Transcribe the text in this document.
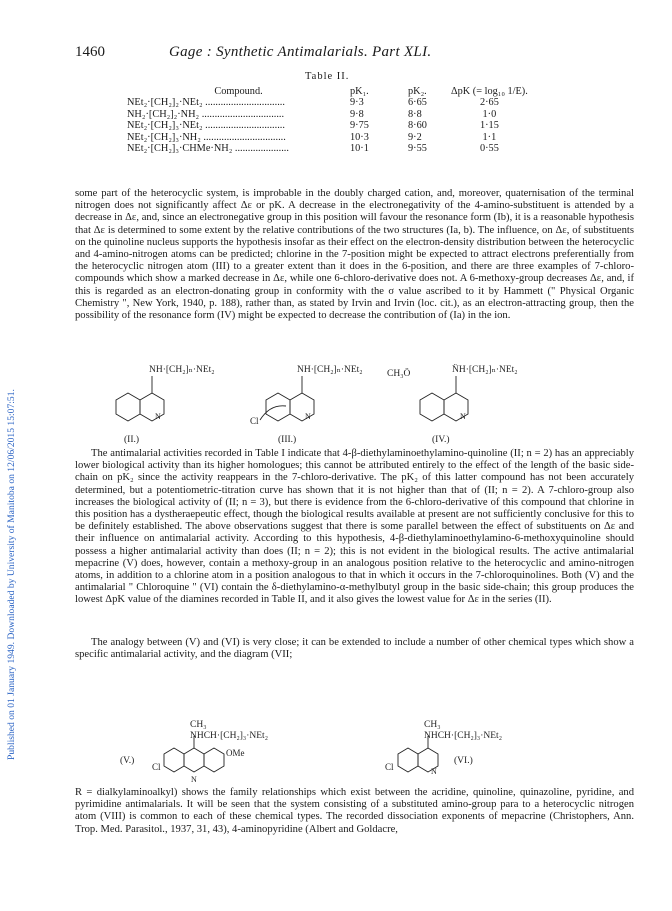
Published on 01 January 1949. Downloaded by University of Manitoba on 12/06/2015 15:07:51.
1460	Gage : Synthetic Antimalarials. Part XLI.
Table II.
Compound.	pK₁.	pK₂.	ΔpK (= log₁₀ 1/E).
NEt₂·[CH₂]₂·NEt₂ ...............................	9·3	6·65	2·65
NH₂·[CH₂]₂·NH₂ ................................	9·8	8·8	1·0
NEt₂·[CH₂]₃·NEt₂ ...............................	9·75	8·60	1·15
NEt₂·[CH₂]₃·NH₂ ................................	10·3	9·2	1·1
NEt₂·[CH₂]₃·CHMe·NH₂ .....................	10·1	9·55	0·55

some part of the heterocyclic system, is improbable in the doubly charged cation, and, moreover, quaternisation of the terminal nitrogen does not significantly affect Δε or pK. A decrease in the electronegativity of the 4-amino-substituent is attended by a decrease in Δε, and, since an electronegative group in this position will favour the resonance form (Ib), it is a reasonable hypothesis that Δε is determined to some extent by the relative contributions of the two structures (Ia, b). The influence, on Δε, of substituents on the quinoline nucleus supports the hypothesis insofar as their effect on the electron-density distribution between the heterocyclic and 4-amino-nitrogen atoms can be predicted; chlorine in the 7-position might be expected to attract electrons preferentially from the heterocyclic nitrogen atom (III) to a greater extent than it does in the 6-position, and there are three examples of 7-chloro-compounds which show a marked decrease in Δε, while one 6-chloro-derivative does not. A 6-methoxy-group decreases Δε, and, if this is regarded as an electron-donating group in conformity with the σ value ascribed to it by Hammett (" Physical Organic Chemistry ", New York, 1940, p. 188), rather than, as stated by Irvin and Irvin (loc. cit.), as an electron-attracting group, then the possibility of the resonance form (IV) might be expected to decrease the contribution of (Ia) in the ion.

NH·[CH₂]ₙ·NEt₂
N
(II.)
NH·[CH₂]ₙ·NEt₂
Cl	N
(III.)
N̈H·[CH₂]ₙ·NEt₂
CH₃Ö
N
(IV.)

The antimalarial activities recorded in Table I indicate that 4-β-diethylaminoethylamino-quinoline (II; n = 2) has an appreciably lower biological activity than its higher homologues; this cannot be attributed entirely to the effect of the length of the basic side-chain on pK₂ since the activity reappears in the 7-chloro-derivative. The pK₂ of this latter compound has not been accurately determined, but a potentiometric-titration curve has shown that it is not higher than that of (II; n = 2). A 7-chloro-group also increases the biological activity of (II; n = 3), but there is evidence from the 6-chloro-derivative of this compound that chlorine in this position has a dystheraepeutic effect, though the biological results available at present are not sufficiently conclusive for this to be definitely established. The above observations suggest that there is some parallel between the effect of substituents on Δε and their influence on antimalarial activity. According to this hypothesis, 4-β-diethylaminoethylamino-6-methoxyquinoline should possess a higher antimalarial activity than does (II; n = 2); this is not evident in the biological results. The active antimalarial mepacrine (V) does, however, contain a methoxy-group in an analogous position relative to the heterocyclic and amino-nitrogen atoms, in addition to a chlorine atom in a position analogous to that in which it occurs in the 7-chloroquinolines. Both (V) and the antimalarial " Chloroquine " (VI) contain the δ-diethylamino-α-methylbutyl group in the basic side-chain; this group produces the lowest ΔpK value of the diamines recorded in Table II, and it also gives the lowest value for Δε in the series (II).

The analogy between (V) and (VI) is very close; it can be extended to include a number of other chemical types which show a specific antimalarial activity, and the diagram (VII;

(V.)
CH₃
NHCH·[CH₂]₃·NEt₂
Cl
OMe
N
CH₃
NHCH·[CH₂]₃·NEt₂
Cl	N
(VI.)

R = dialkylaminoalkyl) shows the family relationships which exist between the acridine, quinoline, quinazoline, pyridine, and pyrimidine antimalarials. It will be seen that the system consisting of a substituted amino-group para to a heterocyclic nitrogen atom (VIII) is common to each of these chemical types. The recorded dissociation exponents of mepacrine (Christophers, Ann. Trop. Med. Parasitol., 1937, 31, 43), 4-aminopyridine (Albert and Goldacre,
